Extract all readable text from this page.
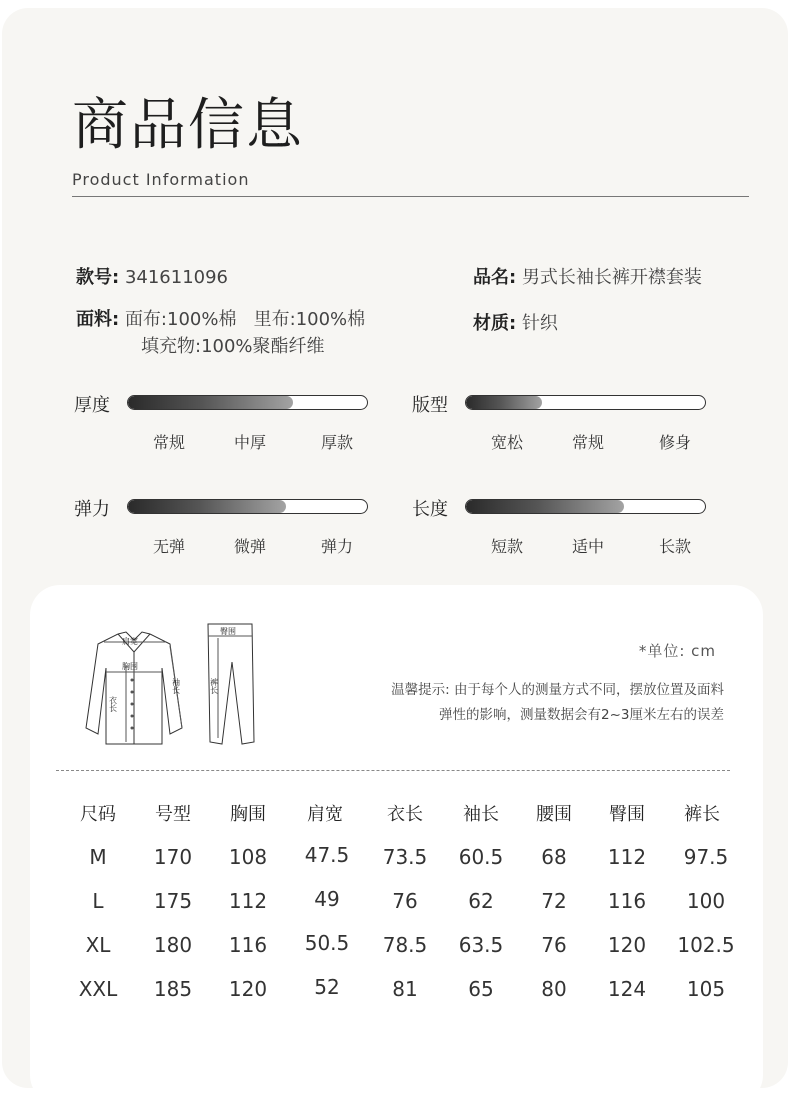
商品信息
Product Information
款号: 341611096	品名: 男式长袖长裤开襟套装
面料: 面布:100%棉   里布:100%棉
填充物:100%聚酯纤维
材质: 针织
厚度
常规	中厚	厚款
版型
宽松	常规	修身
弹力
无弹	微弹	弹力
长度
短款	适中	长款
肩宽
胸围
衣长
袖长
臀围
裤长
*单位: cm
温馨提示: 由于每个人的测量方式不同，摆放位置及面料
弹性的影响，测量数据会有2~3厘米左右的误差
尺码	号型	胸围	肩宽	衣长	袖长	腰围	臀围	裤长
M	170	108	47.5	73.5	60.5	68	112	97.5
L	175	112	49	76	62	72	116	100
XL	180	116	50.5	78.5	63.5	76	120	102.5
XXL	185	120	52	81	65	80	124	105
